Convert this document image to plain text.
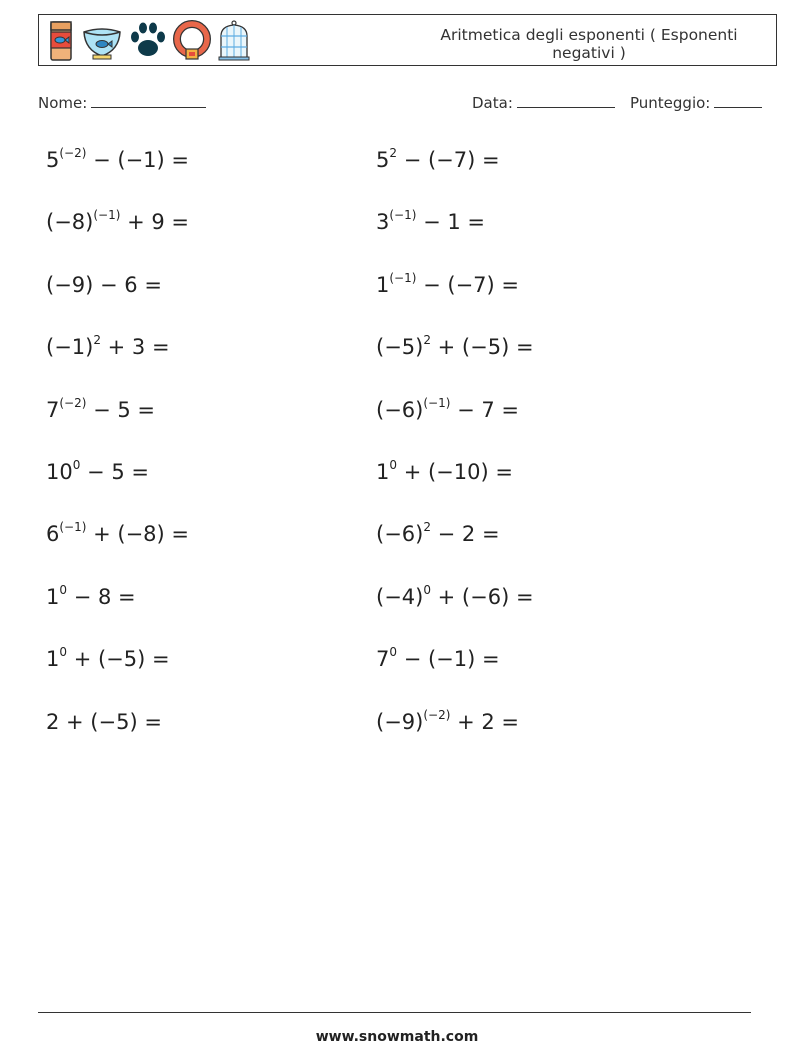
Aritmetica degli esponenti ( Esponenti negativi )
Nome:	Data:	Punteggio:
$5^{(-2)} - (-1)$ =	$5^2 - (-7)$ =
$(-8)^{(-1)} + 9$ =	$3^{(-1)} - 1$ =
(−9) − 6 =	$1^{(-1)} - (-7)$ =
$(-1)^2 + 3$ =	$(-5)^2 + (-5)$ =
$7^{(-2)} - 5$ =	$(-6)^{(-1)} - 7$ =
$10^0 - 5$ =	$1^0 + (-10)$ =
$6^{(-1)} + (-8)$ =	$(-6)^2 - 2$ =
$1^0 - 8$ =	$(-4)^0 + (-6)$ =
$1^0 + (-5)$ =	$7^0 - (-1)$ =
2 + (−5) =	$(-9)^{(-2)} + 2$ =
www.snowmath.com
